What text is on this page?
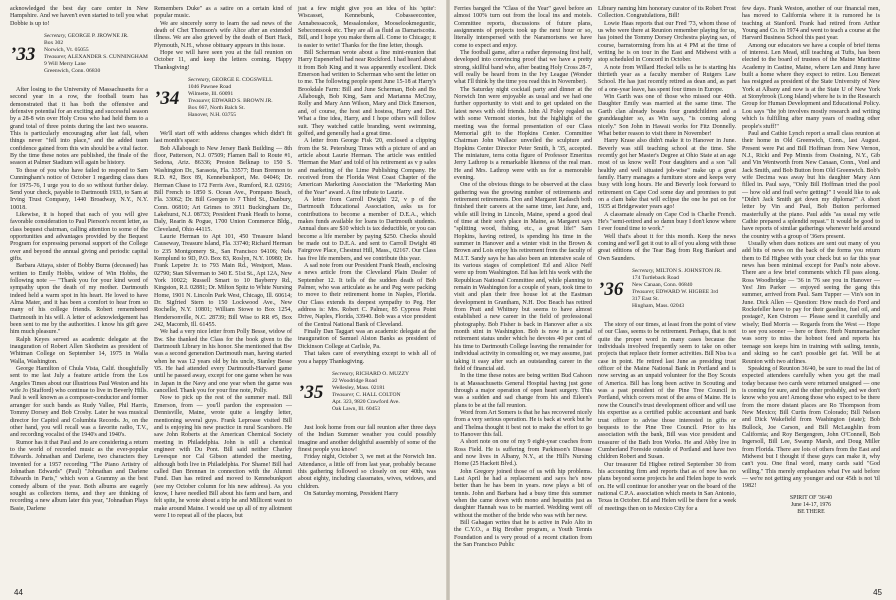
acknowledged the best day care center in New Hampshire. And we haven't even started to tell you what Dobbie is up to!

’33
Secretary, GEORGE P. JROWNE JR.
Box 302
Norwich, Vt. 05055
Treasurer, ALEXANDER S. CUNNINGHAM
9 Will Merry Lane
Greenwich, Conn. 06830

After losing to the University of Massachusetts for a second year in a row, the football team has demonstrated that it has both the offensive and defensive potential for an exciting and successful season by a 28-8 win over Holy Cross who had held them to a grand total of three points during the last two seasons. This is particularly encouraging after last fall, when things never "fell into place," and the added team confidence gained from this win should be a vital factor. By the time these notes are published, the finale of the season at Palmer Stadium will again be history.

To those of you who have failed to respond to Sam Cunningham's notice of October 1 regarding class dues for 1975-76, I urge you to do so without further delay. Send your check, payable to Dartmouth 1933, to Sam at Irving Trust Company, 1440 Broadway, N.Y., N.Y. 10018.

Likewise, it is hoped that each of you will give favorable consideration to Paul Pierson's recent letter, as class bequest chairman, calling attention to some of the opportunities and advantages provided by the Bequest Program for expressing personal support of the College over and beyond the annual giving and periodic capital gifts.

Barbara Attaya, sister of Bobby Burns (deceased) has written to Emily Hobbs, widow of Win Hobbs, the following note — "Thank you for your kind word of sympathy upon the death of my mother. Dartmouth indeed held a warm spot in his heart. He loved to have Alma Mater, and it has been a comfort to hear from so many of his college friends. Robert remembered Dartmouth in his will. A letter of acknowledgement has been sent to me by the authorities. I know his gift gave him much pleasure."

Ralph Keyes served as academic delegate at the inauguration of Robert Allen Skotheim as president of Whitman College on September 14, 1975 in Walla Walla, Washington.

George Hamilton of Chula Vista, Calif. thoughtfully sent to me last July a feature article from the Los Angeles Times about our illustrious Paul Weston and his wife Jo (Stafford) who continue to live in Beverly Hills. Paul is well known as a composer-conductor and former arranger for such bands as Rudy Vallee, Phil Harris, Tommy Dorsey and Bob Crosby. Later he was musical director for Capitol and Columbia Records. Jo, on the other hand, you will recall was a favorite radio, T.V., and recording vocalist of the 1940's and 1940's.

Rumor has it that Paul and Jo are considering a return to the world of recorded music as the ever-popular Edwards. Johnathan and Darlene, two characters they invented for a 1957 recording "The Piano Artistry of Johnathan Edwards" (Paul) "Johnathan and Darlene Edwards in Paris," which won a Grammy as the best comedy album of the year. Both albums are eagerly sought as collectors items, and they are thinking of recording a new album later this year, "Johnathan Plays Basie, Darlene

Remembers Duke" as a satire on a certain kind of popular music.

We are sincerely sorry to learn the sad news of the death of Chet Thomson's wife Alice after an extended illness. We are also grieved by the death of Burt Hack, Plymouth, N.H., whose obituary appears in this issue.

Hope we will have seen you at the fall reunion on October 11, and keep the letters coming. Happy Thanksgiving!

’34
Secretary, GEORGE E. COGSWELL
1046 Pawnee Road
Wilmette, Ill. 60091
Treasurer, EDWARD S. BROWN JR.
Box 667, North Balch St.
Hanover, N.H. 03755

We'll start off with address changes which didn't fit last month's space:

Bob Allabough to New Jersey Bank Building — 8th floor, Patterson, N.J. 07509; Flamen Ball to Route #1, Sedona, Ariz. 86336; Preston Belknap to 150 S. Washington Dr., Sarasota, Fla. 33577; Bran Brennon to R.D. #2, Box 89, Kennebunkport, Me. 04046; Dr. Herman Chase to 172 Ferris Ave., Rumford, R.I. 02916; Bill French to 1850 S. Ocean Ave., Pompano Beach, Fla. 33062; Dr. Bill Goergen to 7 Third St., Danbury, Conn. 06810; Art Grimes to 3911 Buckingham Dr., Lakehurst, N.J. 08733; President Frank Heath to home, Daly, Rearin & Pogue, 1700 Union Commerce Bldg., Cleveland, Ohio 44115.

Laurie Herman to Apt 101, 450 Treasure Island Causeway, Treasure Island, Fla. 33740; Richard Herman to 235 Montgomery St., San Francisco 94106; Nels Kemplund to 9D, P.O. Box 83, Roslyn, N.Y. 10980; Dr. Frank Lepetre Jr. to 793 Main Rd., Westport, Mass. 02790; Stan Silverman to 340 E. 51st St., Apt 12A, New York 10022; Russell Smart to 10 Bayberry Rd., Kingston, R.I. 02881; Dr. Milton Spitz to White Nursing Home, 1901 N. Lincoln Park West, Chicago, Ill. 60614; Dr. Sigfried Stern to 150 Lockwood Ave., New Rochelle, N.Y. 10801; William Stowe to Box 1254, Hendersonville, N.C. 28739; Bill Wise to RR #5, Box 242, Macomb, Ill. 61455.

We had a very nice letter from Polly Besse, widow of Bw. She thanked the Class for the book given to the Dartmouth Library in his honor. She mentioned that Bw was a second generation Dartmouth man, having started when he was 12 years old by his uncle, Stanley Besse '05. He had attended every Dartmouth-Harvard game until he passed away, except for one game when he was in Japan in the Navy and one year when the game was cancelled. Thank you for your fine note, Polly.

Now to pick up the rest of the summer mail. Bill Emerson, from — you'll pardon the expression — Dennisville, Maine, wrote quite a lengthy letter, mentioning several guys. Frank Leproase visited Bill and is enjoying his new practice in rural Scarsboro. He saw John Roberts at the American Chemical Society meeting in Philadelphia. John is still a chemical engineer with Du Pont. Bill said neither Charley Levesque nor Cal Gibson attended the meeting, although both live in Philadelphia. For Shame! Bill had called Dan Brennan in connection with the Alumni Fund. Dan has retired and moved to Kennebunkport (see my October column for his new address). As you know, I have needled Bill about his farm and barn, and felt spite, he wrote about a trip he and Millicent want to make around Maine. I would use up all of my allotment were I to repeat all of the places, but

just a few might give you an idea of his 'spite': Wiscasset, Kennebunk, Cobasseecontee, Annabessacook, Messalonskee, Mooselookmeguntic, Sebecomsook etc. They are all as fluid as Damariscotta. Bill, and I hope you make them all. Come to Chicago; it is easier to write! Thanks for the fine letter, though.

Bill Scherman wrote about a fine mini-reunion that Harry Eupenerbell had near Rockford. I had heard about it from Bob King and it was apparently excellent. Dick Emerson had written to Scherman who sent the letter on to me. The following people spent June 15-18 at Harry's Brookdale Farm: Bill and June Scherman, Bob and Bo Allabough, Bob King, Sam and Marianna McCray, Rolly and Mary Ann Wilson, Mary and Dick Emerson, and, of course, the host and hostess, Harry and Dot. What a fine idea, Harry, and I hope others will follow suit. They watched cattle branding, went swimming, golfed, and generally had a great time.

A letter from George Fisk '20, enclosed a clipping from the St. Petersburg Times with a picture of and an article about Laurie Herman. The article was entitled 'Herman the Man' and told of his retirement as v p sales and marketing of the Lime Publishing Company. He received from the Florida West Coast Chapter of the American Marketing Association the "Marketing Man of the Year" award. A fine tribute to Laurie.

A letter from Carroll Dwight '22, v p of the Dartmouth Educational Association, asks us for contributions to become a member of D.E.A., which makes funds available for loans to Dartmouth students. Annual dues are $10 which is tax deductible, or you can become a life member by paying $250. Checks should be made out to D.E.A. and sent to Carroll Dwight 48 Fairgrove Place, Chestnut Hill, Mass., 02167. Our Class has five life members, and we contribute this year.

A sad note from our President Frank Heath, enclosing a news article from the Cleveland Plain Dealer of September 12. It tells of the sudden death of Bob Palmer, who was articulate as he and Peg were packing to move to their retirement home in Naples, Florida. Our Class extends its deepest sympathy to Peg. Her address is: Mrs. Robert C. Palmer, 85 Cypress Point Drive, Naples, Florida, 33940. Bob was a vice president of the Central National Bank of Cleveland.

Finally Dan Taggart was an academic delegate at the inauguration of Samuel Alston Banks as president of Dickinson College at Carlisle, Pa.

That takes care of everything except to wish all of you a happy Thanksgiving.

’35
Secretary, RICHARD O. MUZZY
22 Woodridge Road
Wellesley, Mass. 02181
Treasurer, C. HALL COLTON
Apt. 323, 9820 Crawford Ave.
Oak Lawn, Ill. 60453

Just look home from our fall reunion after three days of the Indian Summer weather you could possibly imagine and another delightful assembly of some of the finest people you know!

Friday night, October 3, we met at the Norwich Inn. Attendance, a little off from last year, probably because this gathering followed so closely on our 40th, was about eighty, including classmates, wives, widows, and children.

On Saturday morning, President Harry

Ferries banged the "Class of the Year" gavel before an almost 100% turn out from the local ins and motels. Committee reports, discussions of future plans, assignments of projects took up the next hour or so, literally interspersed with the Naramorisms we have come to expect and enjoy.

The football game, after a rather depressing first half, developed into convincing proof that we have a pretty strong, skillful band who, after beating Holy Cross 28-7, will really be heard from in the Ivy League (Wonder what I'll think by the time you read this in November).

The Saturday night cocktail party and dinner at the Norwich Inn were enjoyable as usual and we had one further opportunity to visit and to get updated on the latest news with old friends. John Al Foley regaled us with some Vermont stories, but the highlight of the meeting was the formal presentation of our Class Memorial gift to the Hopkins Center. Committee Chairman John Wallace unveiled the sculpture and Hopkins Center Director Peter Smith, h '35, accepted. The miniature, terra cotta figure of Professor Emeritus Jerry Lathrop is a remarkable likeness of the real man. He and Mrs. Lathrop were with us for a memorable evening.

One of the obvious things to be observed at the class gathering was the growing number of retirements and retirement retirements. Don and Margaret Radasch both finished their careers at the same time, last June, and, while still living in Lincoln, Maine, spend a good deal of time at their son's place in Maine, as Margaret says "splitting wood, fishing, etc., a great life!" Sam Hopkins, having retired, is spending his time in the summer in Hanover and a winter visit in the Brown & Brown and Lois enjoy his retirement from the faculty of M.I.T. Sandy says he has also been an intensive scale of its various stages of completion! Ed and Alice Neff were up from Washington. Ed has left his work with the Republican National Committee and, while planning to remain in Washington for a couple of years, took time to visit and plan their free house lot at the Eastman development in Grantham, N.H. Doc Beach has retired from Pratt and Whitney but seems to have almost established a new career in the field of professional photography. Bob Fisher is back in Hanover after a six month stint in Washington. Bob is now in a partial retirement status under which he devotes 40 per cent of his time to Dartmouth College leaving the remainder for individual activity in consulting or, we may assume, just taking it easy after such an outstanding career in the field of financial aid.

In the time these notes are being written Bud Cahoon is at Massachusetts General Hospital having just gone through a major operation of open heart surgery. This was a sudden and sad change from his and Eileen's plans to be at the fall reunion.

Word from Art Somers is that he has recovered nicely from a very serious operation. He is back at work but he and Thelma thought it best not to make the effort to go to Hanover this fall.

A short note on one of my 9 eight-year coaches from Ross Field. He is suffering from Parkinson's Disease and now lives in Albany, N.Y., at the Hill's Nursing Home (25 Hackett Blvd.).

John Gregory joined those of us with hip problems. Last April he had a replacement and says he's now better than he has been in years. now plays a bit of tennis. John and Barbara had a busy time this summer when the came down with mono and hepatitis just as daughter Hannah was to be married. Wedding went off without the mother of the bride who was with her new.

Bill Gahagan writes that he is active in Palo Alto in the C.Y.O., a Big Brother program, a Youth Tennis Foundation and is very proud of a recent citation from the San Francisco Public

Library naming him honorary curator of its Robert Frost Collection. Congratulations, Bill!

Lowie Haas reports that our Fred '73, whom those of us who were there at Reunion remember playing for us, has joined the Tommy Dorsey Orchestra playing sax, of course, barnstorming from his at 4 PM at the time of writing he is on tour in the East and Midwest with a stop scheduled in Concord in October.

A note from Willard Heckel tells us he is starting his thirtieth year as a faculty member of Rutgers Law School. He has just recently retired as dean and, as part of a one-year leave, has spent four times in Europe.

Win Garth was one of those who missed our 40th. Daughter Emily was married at the same time. The Garth clan already boasts four grandchildren and a granddaughter so, as Win says, "is coming along nicely." Son John in Hawaii works for Fitz Donnelly. What better reason to visit there in November!

Harry Krase also didn't make it to Hanover in June. Beverly was still teaching school at the time. She recently got her Master's Degree at Ohio State at an age most of us know well! Four daughters and a son "all healthy and well situated job-wise" make up a great family. Harry manages a furniture store and keeps very busy with long hours. He and Beverly look forward to retirement on Cape Cod some day and promises to put on a clam bake that will eclipse the one he put on for 1935 at Bridgewater years ago!

A classmate already on Cape Cod is Charlie French. He's "semi-retired and so damn busy I don't know where I ever found time to work."

Well that's about it for this month. Keep the news coming and we'll get it out to all of you along with those great editions of the Tear Bag from Reg Bankart and Own Saunders.

’36
Secretary, MILTON S. JOHNSTON JR.
174 Turtleback Road
New Canaan, Conn. 06840
Treasurer, EDWARD W. HIGBEE 3rd
317 East St.
Hingham, Mass. 02043

The story of our times, at least from the point of view of our Class, seems to be retirement. Perhaps, that is not quite the proper word in many cases because the individuals involved frequently seem to take on other projects that replace their former activities. Bill Niss is a case in point. He retired last June as presiding trust officer of the Maine National Bank in Portland and is now serving as an unpaid volunteer for the Boy Scouts of America. Bill has long been active in Scouting and was a past president of the Pine Tree Council in Portland, which covers most of the area of Maine. He is now the Council's trust development officer and will use his expertise as a certified public accountant and bank trust officer to advise those interested in gifts or bequests to the Pine Tree Council. Prior to his association with the bank, Bill was vice president and treasurer of the Bath Iron Works. He and Abby live in Cumberland Foreside outside of Portland and have two children Robert and Susan.

Our treasurer Ed Higbee retired September 30 from his accounting firm and reports that as of now has no plans beyond some projects he and Helen hope to work on. He will continue for another year on the board of the national C.P.A. association which meets in San Antonio, Texas in October. Ed and Helen will be there for a week of meetings then on to Mexico City for a

few days. Frank Weston, another of our financial men, has moved to California where it is rumored he is teaching at Stanford. Frank had retired from Arthur Young and Co. in 1974 and went to teach a course at the Harvard Business School this past year.

Among our educators we have a couple of brief items of interest. Len Mead, still teaching at Tufts, has been elected to the board of trustees of the Maine Maritime Academy in Castine, Maine, where Len and Jinny have built a home where they expect to retire. Lou Benezet has resigned as president of the State University of New York at Albany and now is at the State U of New York at Stonybrook (Long Island) where he is in the Research Group for Human Development and Educational Policy. Lou says "the job involves mostly research and writing which is fulfilling after many years of reading other people's stuff!"

Paul and Cathie Lynch report a small class reunion at their home in Old Greenwich, Conn., last August. Present were Pat and Bill Hoffman from New Vernon, N.J., Ricki and Pep Minnis from Ossining, N.Y., Gib and Vin Wentworth from New Canaan, Conn., Vonl and Jack Smith, and Bob Button from Old Greenwich. Bob's wife Decima was away but his daughter Mary Ann filled in. Paul says, "Only Bill Hoffman tried the pool — how old and frail we're getting!" I would like to ask "Didn't Jack Smith get down my diploma?" A short letter by Vin and Paul, Bob Button performed masterfully at the piano. Paul adds "as usual my wife Cathie prepared a splendid repast." It would be good to have reports of similar gatherings whenever held around the country with a group of '36ers present.

Usually when dues notices are sent out many of you add bits of news on the back of the forms you return them to Ed Higbee with your check but so far this year news has been minimal except for Paul's note above. There are a few brief comments which I'll pass along. Ross Woodbridge — '36 in '76 see you in Hanover — Yes! Jim Parker — enjoyed seeing the gang this summer, arrived from Paul. Sam Tupper — Vin's son in June. Dick Allen — Question: How much do Ford and Rockefeller have to pay for their gasoline, fuel oil, and postage?, Ken Ostrom — Please send it carefully and wisely; Bud Morris — Regards from the West — Hope to see you sooner — here or there. Herb Nummenacher was sorry to miss the hobnot feed and reports his teenage son keeps him in training with sailing, tennis, and skiing so he can't possible get fat. Will be at Reunion with two airlines.

Speaking of Reunion 36/40, be sure to read the list of expected attendees carefully when you get the mail today because two cards were returned unsigned — one is coming for sure, and the other probably, and we don't know who you are! Among those who expect to be there from the more distant places are Ro Thompson from New Mexico; Bill Curtis from Colorado; Bill Nelson and Dick Wakefield from Washington (state); Bob Bullock, Joe Carson, and Bill McLaughlin from California; and Roy Bergengren, John O'Connell, Bob Ingersoll, Bill Lee, Swamp Marsh, and Doug Miller from Florida. There are lots of others from the East and Midwest but I thought if these guys can make it, why can't you. One final word, many cards said "God willing." This merely emphasizes what I've said before — we're not getting any younger and our 45th is not 'til 1982!

SPIRIT OF '36/40
June 14-17, 1976
BE THERE
44	45
